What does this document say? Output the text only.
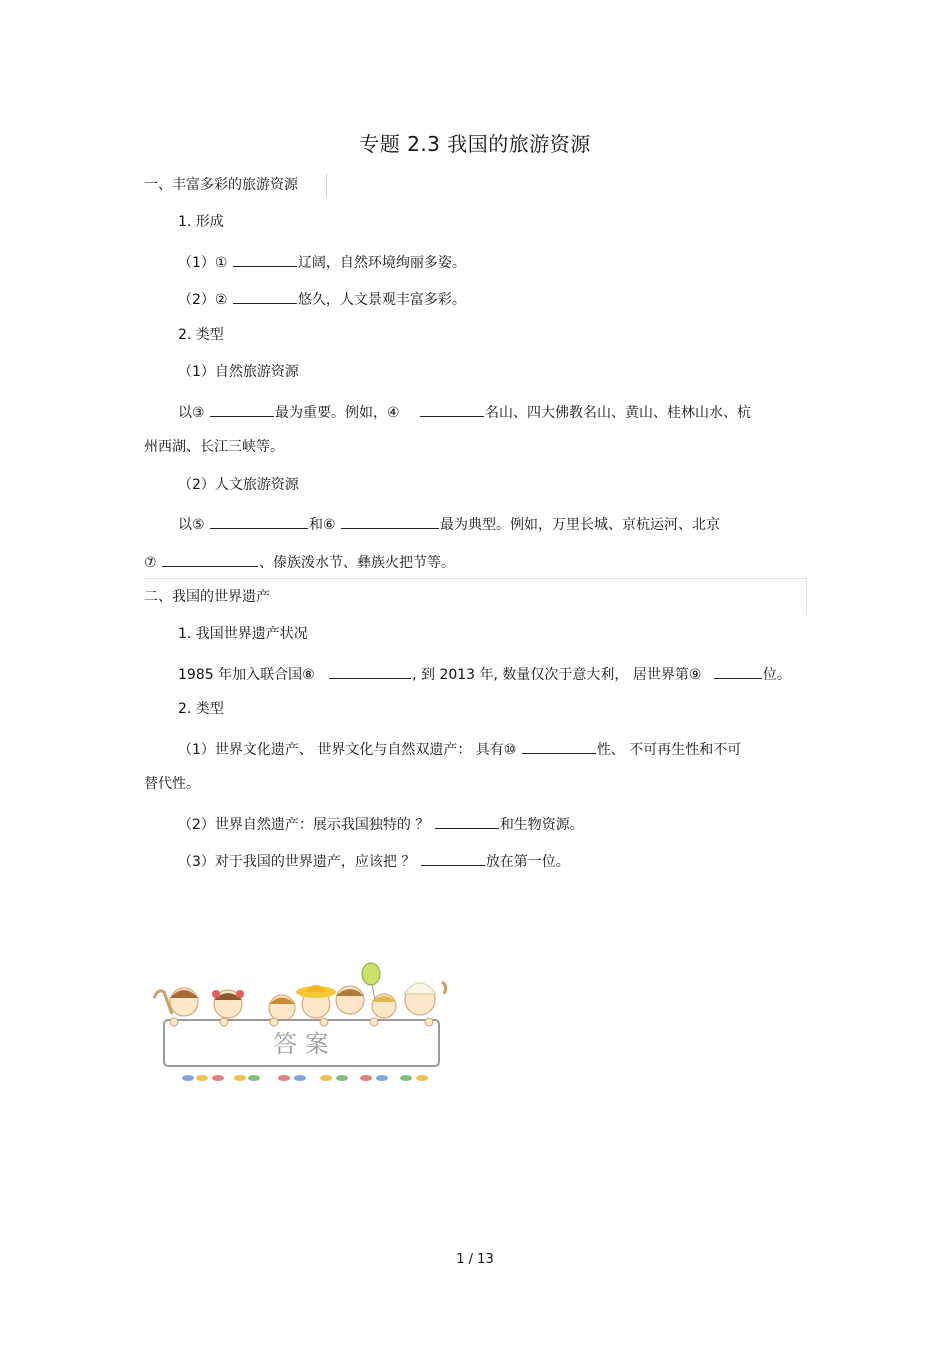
专题 2.3 我国的旅游资源
一、丰富多彩的旅游资源
1. 形成
（1）①	辽阔，自然环境绚丽多姿。
（2）②	悠久，人文景观丰富多彩。
2. 类型
（1）自然旅游资源
以③	最为重要。例如，④	名山、四大佛教名山、黄山、桂林山水、杭
州西湖、长江三峡等。
（2）人文旅游资源
以⑤	和⑥	最为典型。例如，万里长城、京杭运河、北京
⑦	、傣族泼水节、彝族火把节等。
二、我国的世界遗产
1. 我国世界遗产状况
1985 年加入联合国⑧	, 到 2013 年, 数量仅次于意大利， 居世界第⑨	位。
2. 类型
（1）世界文化遗产、 世界文化与自然双遗产： 具有⑩	性、 不可再生性和不可
替代性。
（2）世界自然遗产：展示我国独特的 ？	和生物资源。
（3）对于我国的世界遗产，应该把 ？	放在第一位。
答 案
1 / 13
